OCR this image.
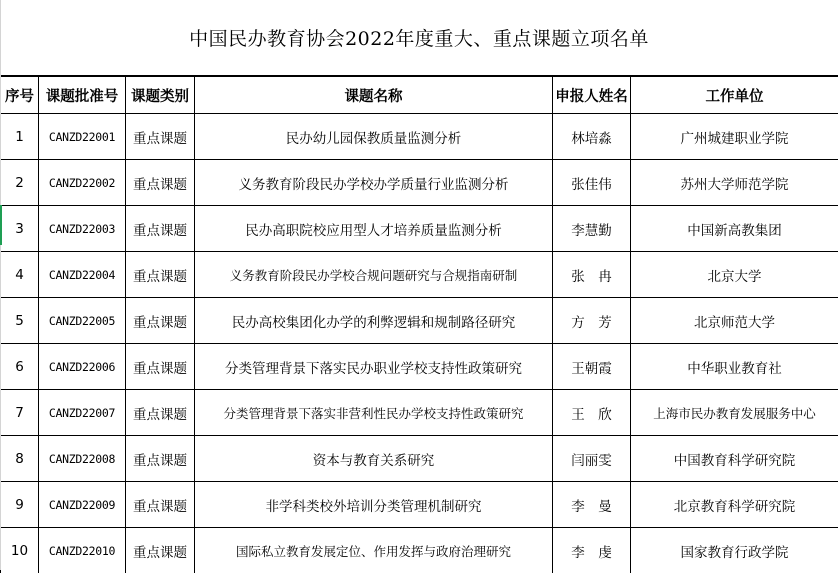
中国民办教育协会2022年度重大、重点课题立项名单
序号	课题批准号	课题类别	课题名称	申报人姓名	工作单位
1	CANZD22001	重点课题	民办幼儿园保教质量监测分析	林培淼	广州城建职业学院
2	CANZD22002	重点课题	义务教育阶段民办学校办学质量行业监测分析	张佳伟	苏州大学师范学院
3	CANZD22003	重点课题	民办高职院校应用型人才培养质量监测分析	李慧勤	中国新高教集团
4	CANZD22004	重点课题	义务教育阶段民办学校合规问题研究与合规指南研制	张　冉	北京大学
5	CANZD22005	重点课题	民办高校集团化办学的利弊逻辑和规制路径研究	方　芳	北京师范大学
6	CANZD22006	重点课题	分类管理背景下落实民办职业学校支持性政策研究	王朝霞	中华职业教育社
7	CANZD22007	重点课题	分类管理背景下落实非营利性民办学校支持性政策研究	王　欣	上海市民办教育发展服务中心
8	CANZD22008	重点课题	资本与教育关系研究	闫丽雯	中国教育科学研究院
9	CANZD22009	重点课题	非学科类校外培训分类管理机制研究	李　曼	北京教育科学研究院
10	CANZD22010	重点课题	国际私立教育发展定位、作用发挥与政府治理研究	李　虔	国家教育行政学院
